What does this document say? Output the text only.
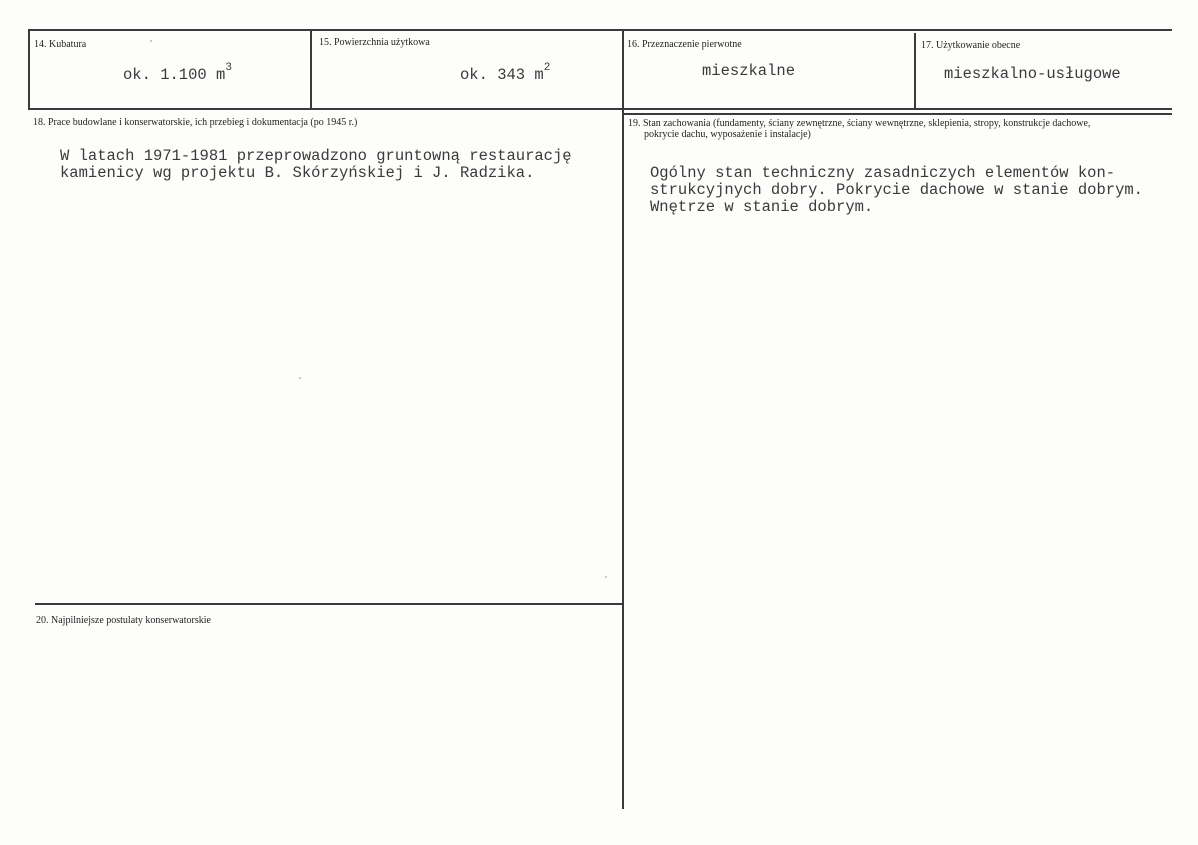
14. Kubatura
ok. 1.100 $m^3$
15. Powierzchnia użytkowa
ok. 343 $m^2$
16. Przeznaczenie pierwotne
mieszkalne
17. Użytkowanie obecne
mieszkalno-usługowe
18. Prace budowlane i konserwatorskie, ich przebieg i dokumentacja (po 1945 r.)
W latach 1971-1981 przeprowadzono gruntowną restaurację
kamienicy wg projektu B. Skórzyńskiej i J. Radzika.
19. Stan zachowania (fundamenty, ściany zewnętrzne, ściany wewnętrzne, sklepienia, stropy, konstrukcje dachowe,
pokrycie dachu, wyposażenie i instalacje)
Ogólny stan techniczny zasadniczych elementów kon-
strukcyjnych dobry. Pokrycie dachowe w stanie dobrym.
Wnętrze w stanie dobrym.
20. Najpilniejsze postulaty konserwatorskie
